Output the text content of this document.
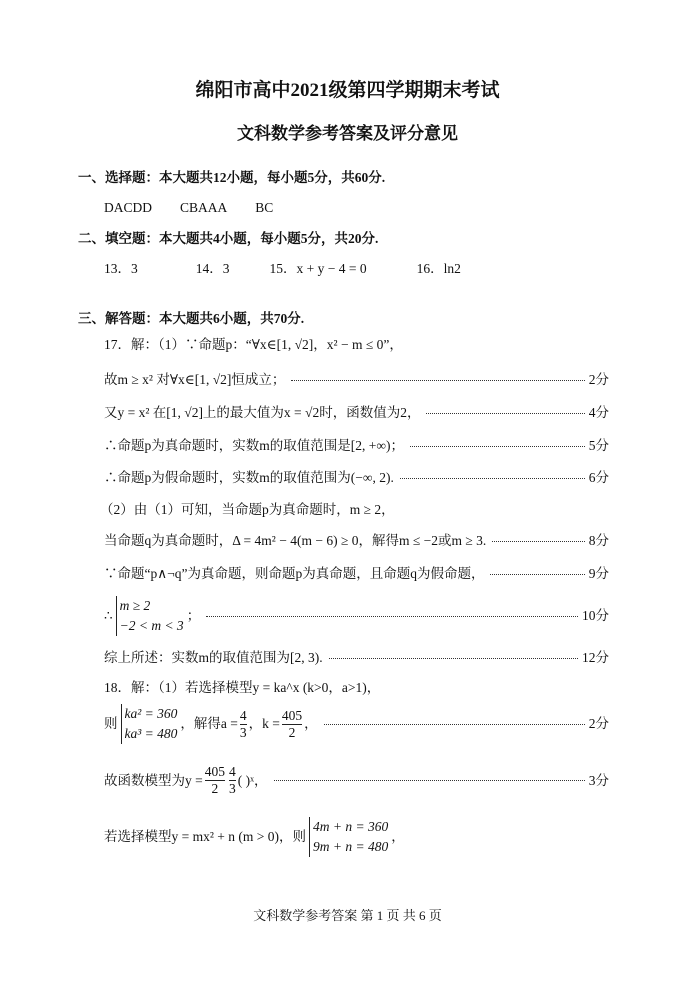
绵阳市高中2021级第四学期期末考试
文科数学参考答案及评分意见
一、选择题：本大题共12小题，每小题5分，共60分.
DACDD CBAAA BC
二、填空题：本大题共4小题，每小题5分，共20分.
13．3	14．3	15．x + y − 4 = 0	16．ln2
三、解答题：本大题共6小题，共70分.
17．解：（1）∵命题p：“∀x∈[1, √2]，x² − m ≤ 0”，
故m ≥ x² 对∀x∈[1, √2]恒成立；	2分
又y = x² 在[1, √2]上的最大值为x = √2时，函数值为2，	4分
∴命题p为真命题时，实数m的取值范围是[2, +∞)；	5分
∴命题p为假命题时，实数m的取值范围为(−∞, 2).	6分
（2）由（1）可知，当命题p为真命题时，m ≥ 2，
当命题q为真命题时，Δ = 4m² − 4(m − 6) ≥ 0，解得m ≤ −2或m ≥ 3.	8分
∵命题“p∧¬q”为真命题，则命题p为真命题，且命题q为假命题，	9分
∴
m ≥ 2
−2 < m < 3
；	10分
综上所述：实数m的取值范围为[2, 3).	12分
18．解：（1）若选择模型y = ka^x (k>0，a>1)，
则
ka² = 360
ka³ = 480
，解得$a = \frac{4}{3}$ ，$k = \frac{405}{2}$ ，	2分
故函数模型为$y = \frac{405}{2} \frac{4}{3}$ ( )ˣ，	3分
若选择模型y = mx² + n (m > 0)，则
4m + n = 360
9m + n = 480
，
文科数学参考答案 第 1 页 共 6 页
